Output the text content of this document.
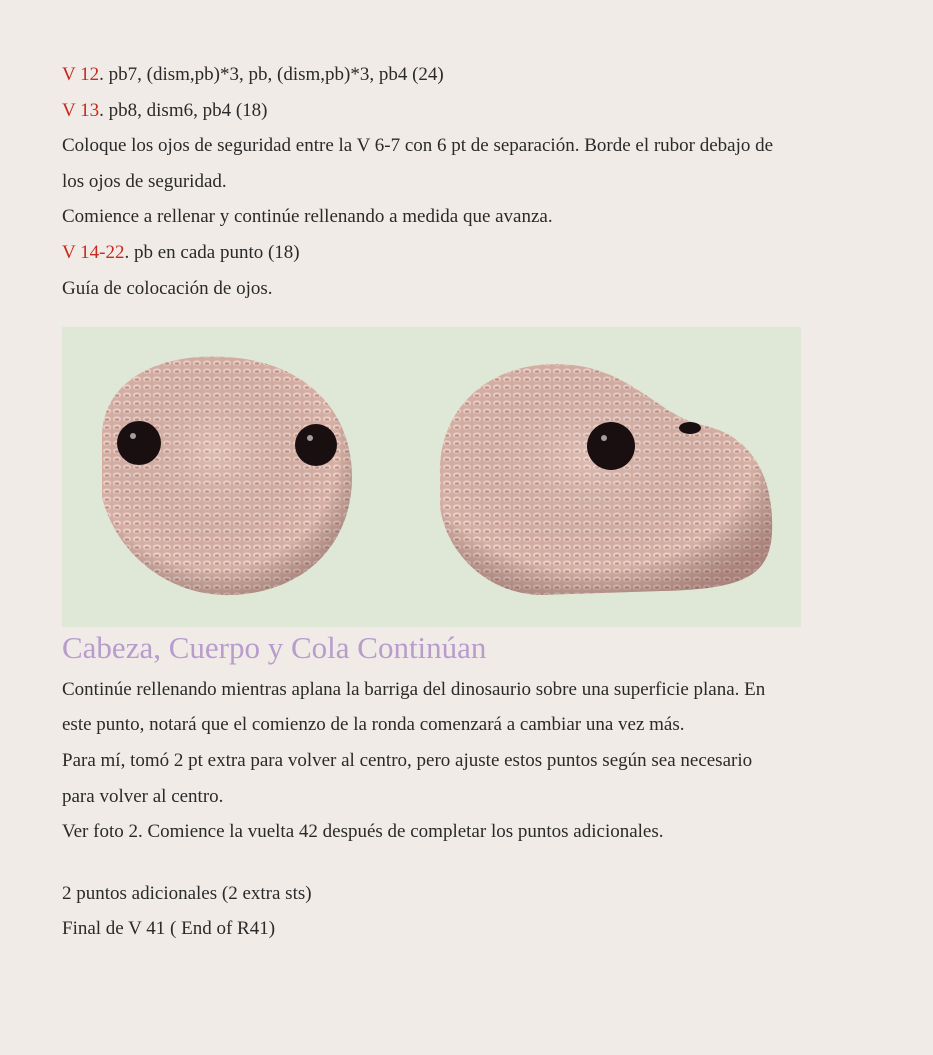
V 12. pb7, (dism,pb)*3, pb, (dism,pb)*3, pb4 (24)
V 13. pb8, dism6, pb4 (18)
Coloque los ojos de seguridad entre la V 6-7 con 6 pt de separación. Borde el rubor debajo de
los ojos de seguridad.
Comience a rellenar y continúe rellenando a medida que avanza.
V 14-22. pb en cada punto (18)
Guía de colocación de ojos.
Cabeza, Cuerpo y Cola Continúan
Continúe rellenando mientras aplana la barriga del dinosaurio sobre una superficie plana. En
este punto, notará que el comienzo de la ronda comenzará a cambiar una vez más.
Para mí, tomó 2 pt extra para volver al centro, pero ajuste estos puntos según sea necesario
para volver al centro.
Ver foto 2. Comience la vuelta 42 después de completar los puntos adicionales.
2 puntos adicionales (2 extra sts)
Final de V 41 ( End of R41)
